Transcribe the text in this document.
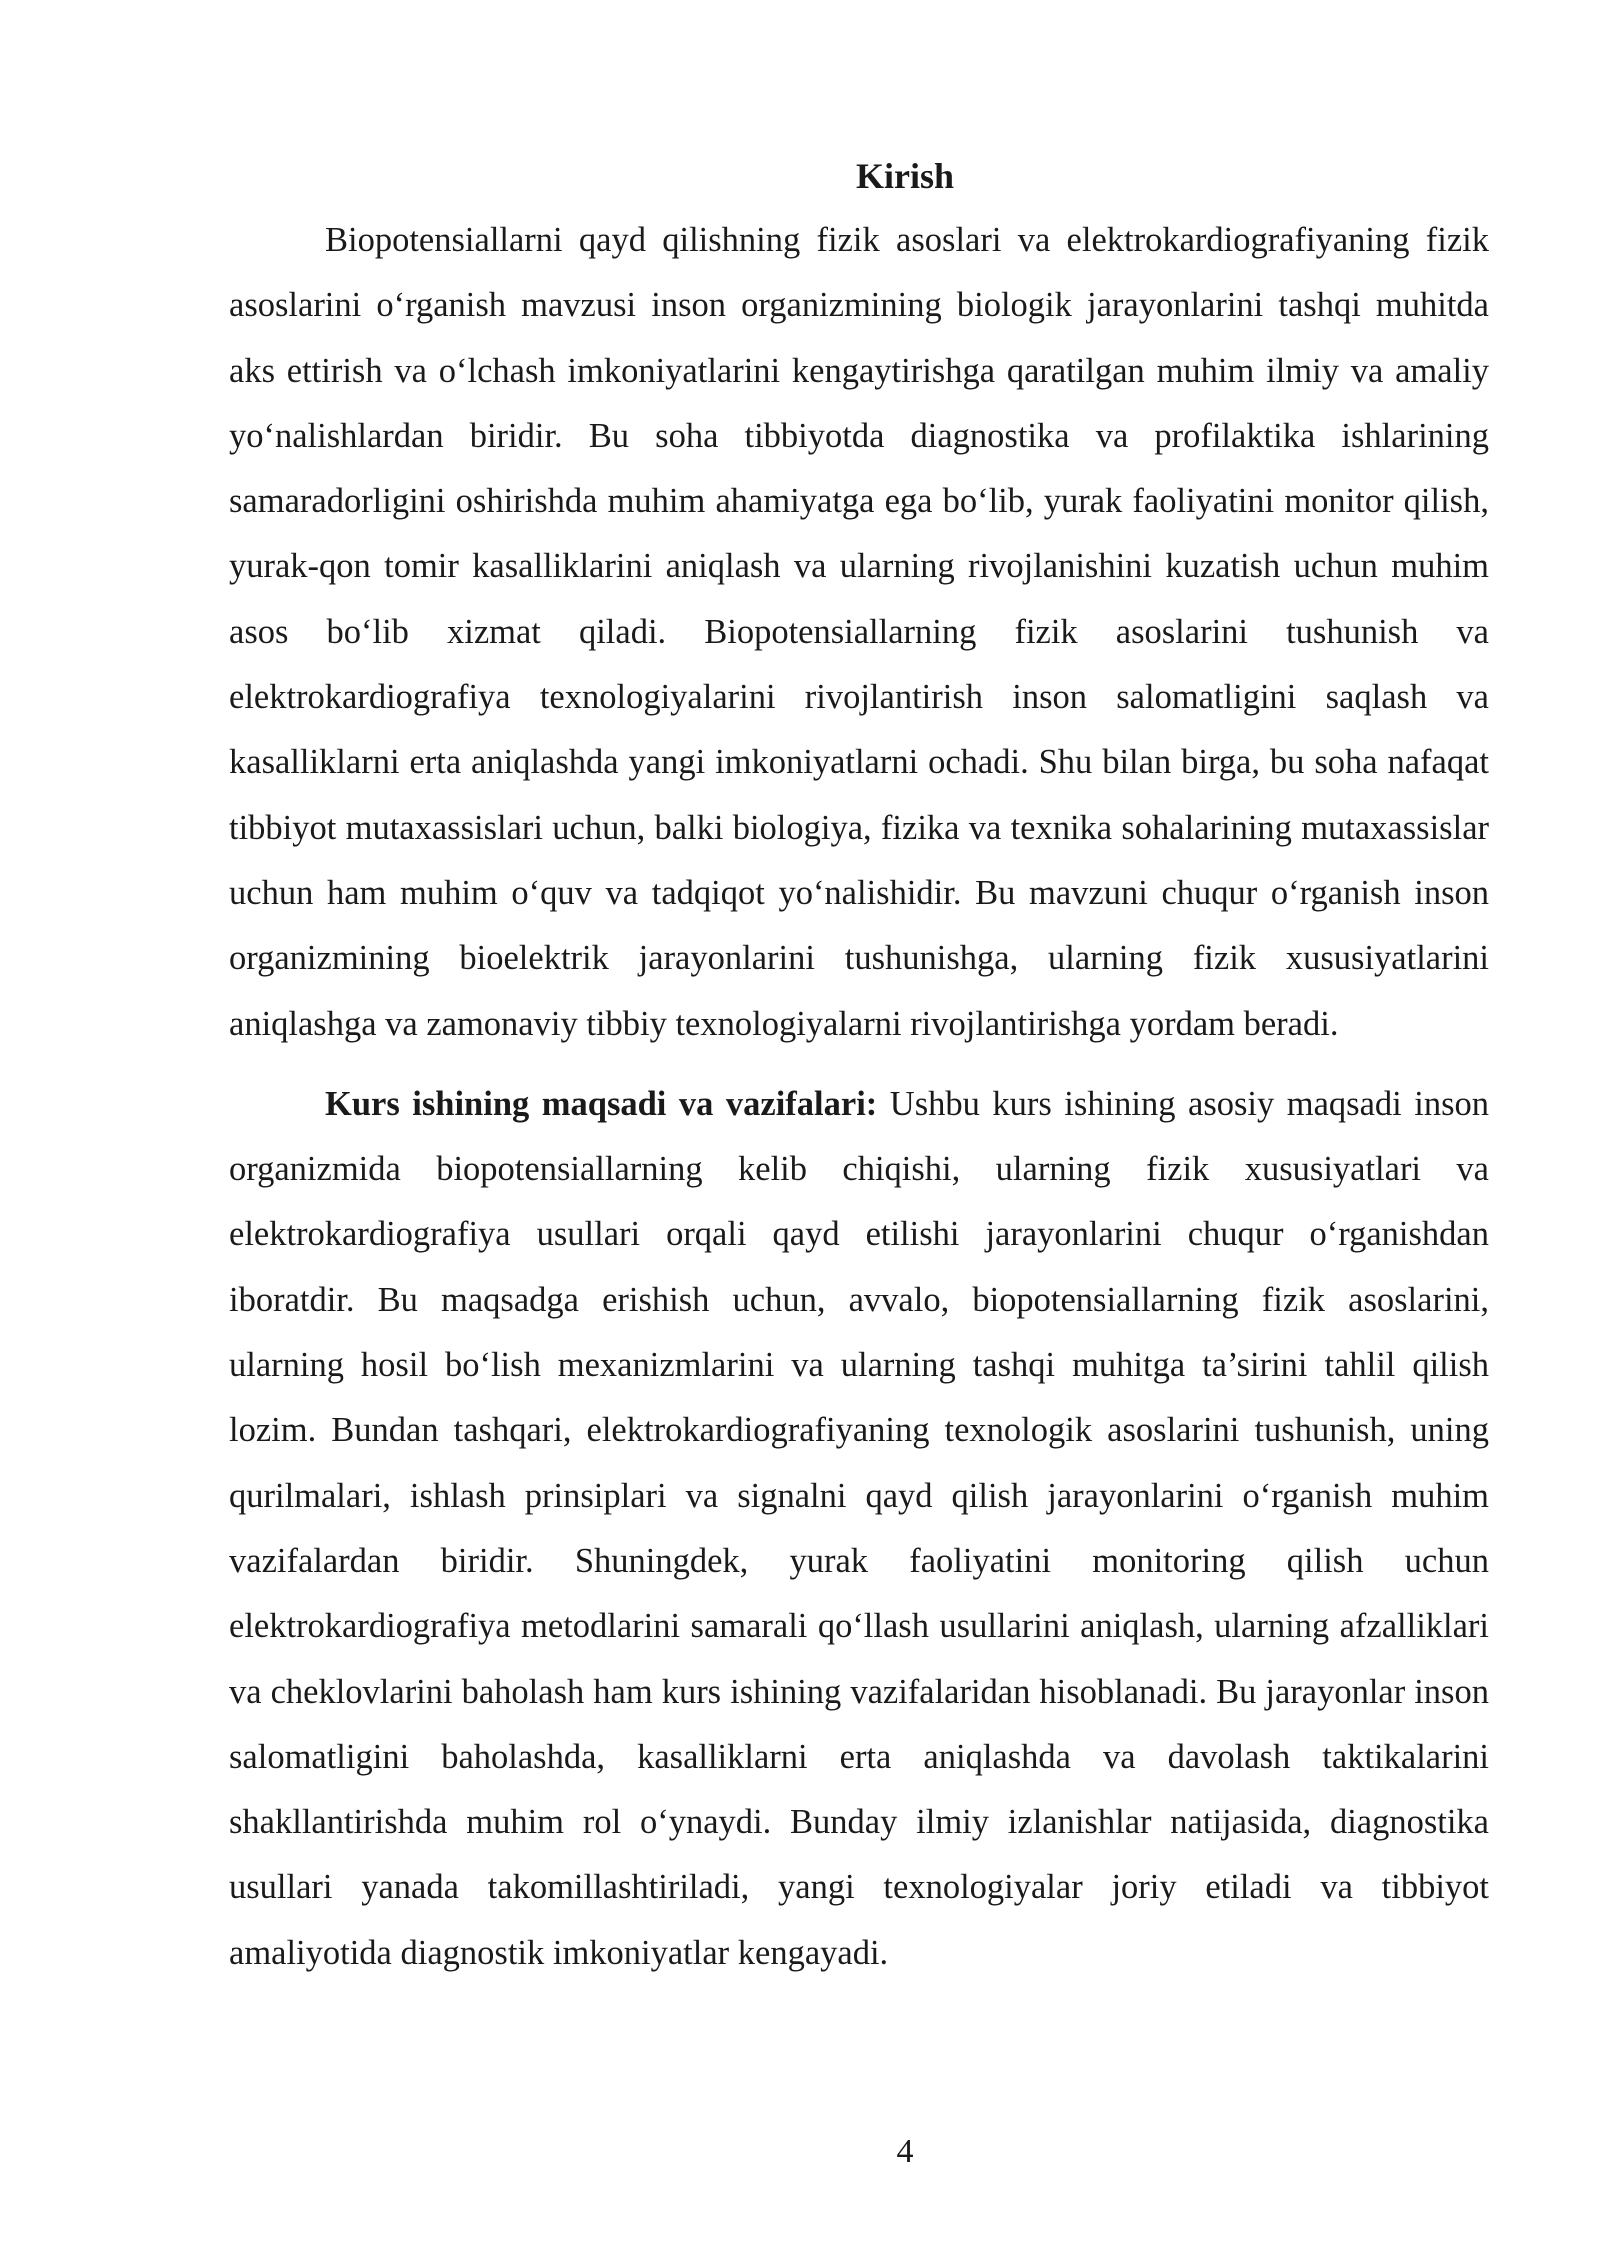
Kirish

Biopotensiallarni qayd qilishning fizik asoslari va elektrokardiografiyaning fizik asoslarini o‘rganish mavzusi inson organizmining biologik jarayonlarini tashqi muhitda aks ettirish va o‘lchash imkoniyatlarini kengaytirishga qaratilgan muhim ilmiy va amaliy yo‘nalishlardan biridir. Bu soha tibbiyotda diagnostika va profilaktika ishlarining samaradorligini oshirishda muhim ahamiyatga ega bo‘lib, yurak faoliyatini monitor qilish, yurak-qon tomir kasalliklarini aniqlash va ularning rivojlanishini kuzatish uchun muhim asos bo‘lib xizmat qiladi. Biopotensiallarning fizik asoslarini tushunish va elektrokardiografiya texnologiyalarini rivojlantirish inson salomatligini saqlash va kasalliklarni erta aniqlashda yangi imkoniyatlarni ochadi. Shu bilan birga, bu soha nafaqat tibbiyot mutaxassislari uchun, balki biologiya, fizika va texnika sohalarining mutaxassislar uchun ham muhim o‘quv va tadqiqot yo‘nalishidir. Bu mavzuni chuqur o‘rganish inson organizmining bioelektrik jarayonlarini tushunishga, ularning fizik xususiyatlarini aniqlashga va zamonaviy tibbiy texnologiyalarni rivojlantirishga yordam beradi.

Kurs ishining maqsadi va vazifalari: Ushbu kurs ishining asosiy maqsadi inson organizmida biopotensiallarning kelib chiqishi, ularning fizik xususiyatlari va elektrokardiografiya usullari orqali qayd etilishi jarayonlarini chuqur o‘rganishdan iboratdir. Bu maqsadga erishish uchun, avvalo, biopotensiallarning fizik asoslarini, ularning hosil bo‘lish mexanizmlarini va ularning tashqi muhitga ta’sirini tahlil qilish lozim. Bundan tashqari, elektrokardiografiyaning texnologik asoslarini tushunish, uning qurilmalari, ishlash prinsiplari va signalni qayd qilish jarayonlarini o‘rganish muhim vazifalardan biridir. Shuningdek, yurak faoliyatini monitoring qilish uchun elektrokardiografiya metodlarini samarali qo‘llash usullarini aniqlash, ularning afzalliklari va cheklovlarini baholash ham kurs ishining vazifalaridan hisoblanadi. Bu jarayonlar inson salomatligini baholashda, kasalliklarni erta aniqlashda va davolash taktikalarini shakllantirishda muhim rol o‘ynaydi. Bunday ilmiy izlanishlar natijasida, diagnostika usullari yanada takomillashtiriladi, yangi texnologiyalar joriy etiladi va tibbiyot amaliyotida diagnostik imkoniyatlar kengayadi.

4
